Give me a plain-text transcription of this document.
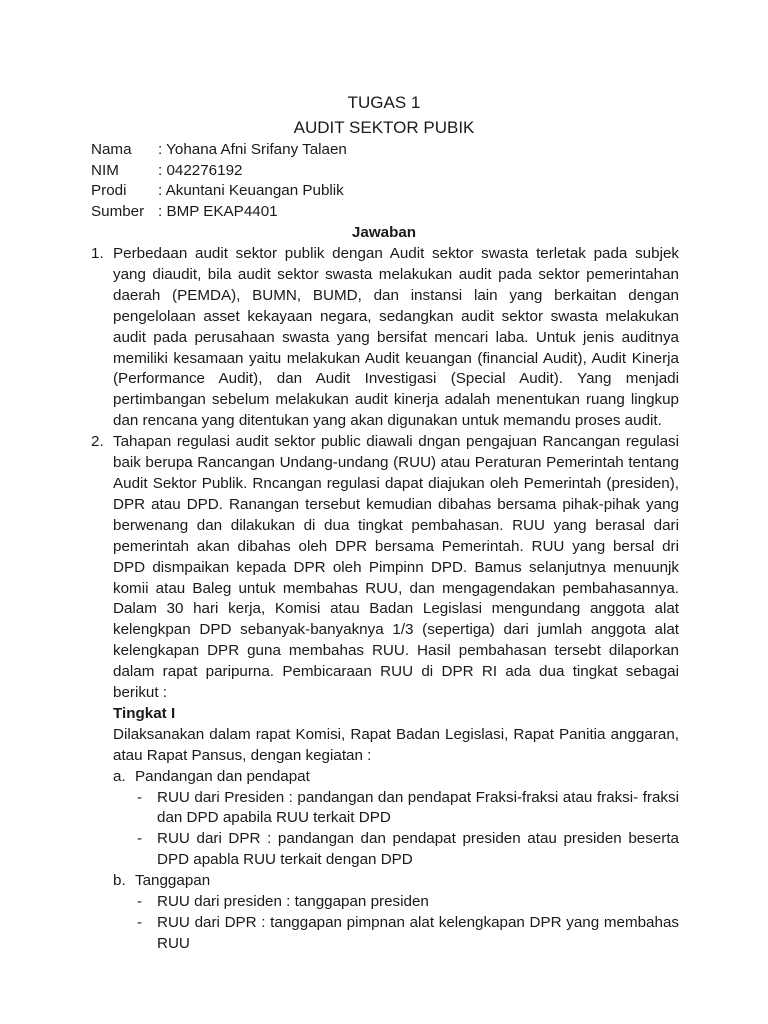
TUGAS 1
AUDIT SEKTOR PUBIK
Nama : Yohana Afni Srifany Talaen
NIM	: 042276192
Prodi : Akuntani Keuangan Publik
Sumber : BMP EKAP4401
Jawaban
1. Perbedaan audit sektor publik dengan Audit sektor swasta terletak pada subjek yang diaudit, bila audit sektor swasta melakukan audit pada sektor pemerintahan daerah (PEMDA), BUMN, BUMD, dan instansi lain yang berkaitan dengan pengelolaan asset kekayaan negara, sedangkan audit sektor swasta melakukan audit pada perusahaan swasta yang bersifat mencari laba. Untuk jenis auditnya memiliki kesamaan yaitu melakukan Audit keuangan (financial Audit), Audit Kinerja (Performance Audit), dan Audit Investigasi (Special Audit). Yang menjadi pertimbangan sebelum melakukan audit kinerja adalah menentukan ruang lingkup dan rencana yang ditentukan yang akan digunakan untuk memandu proses audit.

2. Tahapan regulasi audit sektor public diawali dngan pengajuan Rancangan regulasi baik berupa Rancangan Undang-undang (RUU) atau Peraturan Pemerintah tentang Audit Sektor Publik. Rncangan regulasi dapat diajukan oleh Pemerintah (presiden), DPR atau DPD. Ranangan tersebut kemudian dibahas bersama pihak-pihak yang berwenang dan dilakukan di dua tingkat pembahasan. RUU yang berasal dari pemerintah akan dibahas oleh DPR bersama Pemerintah. RUU yang bersal dri DPD dismpaikan kepada DPR oleh Pimpinn DPD. Bamus selanjutnya menuunjk komii atau Baleg untuk membahas RUU, dan mengagendakan pembahasannya. Dalam 30 hari kerja, Komisi atau Badan Legislasi mengundang anggota alat kelengkpan DPD sebanyak-banyaknya 1/3 (sepertiga) dari jumlah anggota alat kelengkapan DPR guna membahas RUU. Hasil pembahasan tersebt dilaporkan dalam rapat paripurna. Pembicaraan RUU di DPR RI ada dua tingkat sebagai berikut :

Tingkat I

Dilaksanakan dalam rapat Komisi, Rapat Badan Legislasi, Rapat Panitia anggaran, atau Rapat Pansus, dengan kegiatan :

a. Pandangan dan pendapat
- RUU dari Presiden : pandangan dan pendapat Fraksi-fraksi atau fraksi- fraksi dan DPD apabila RUU terkait DPD
- RUU dari DPR : pandangan dan pendapat presiden atau presiden beserta DPD apabla RUU terkait dengan DPD
b. Tanggapan
- RUU dari presiden : tanggapan presiden
- RUU dari DPR : tanggapan pimpnan alat kelengkapan DPR yang membahas RUU
